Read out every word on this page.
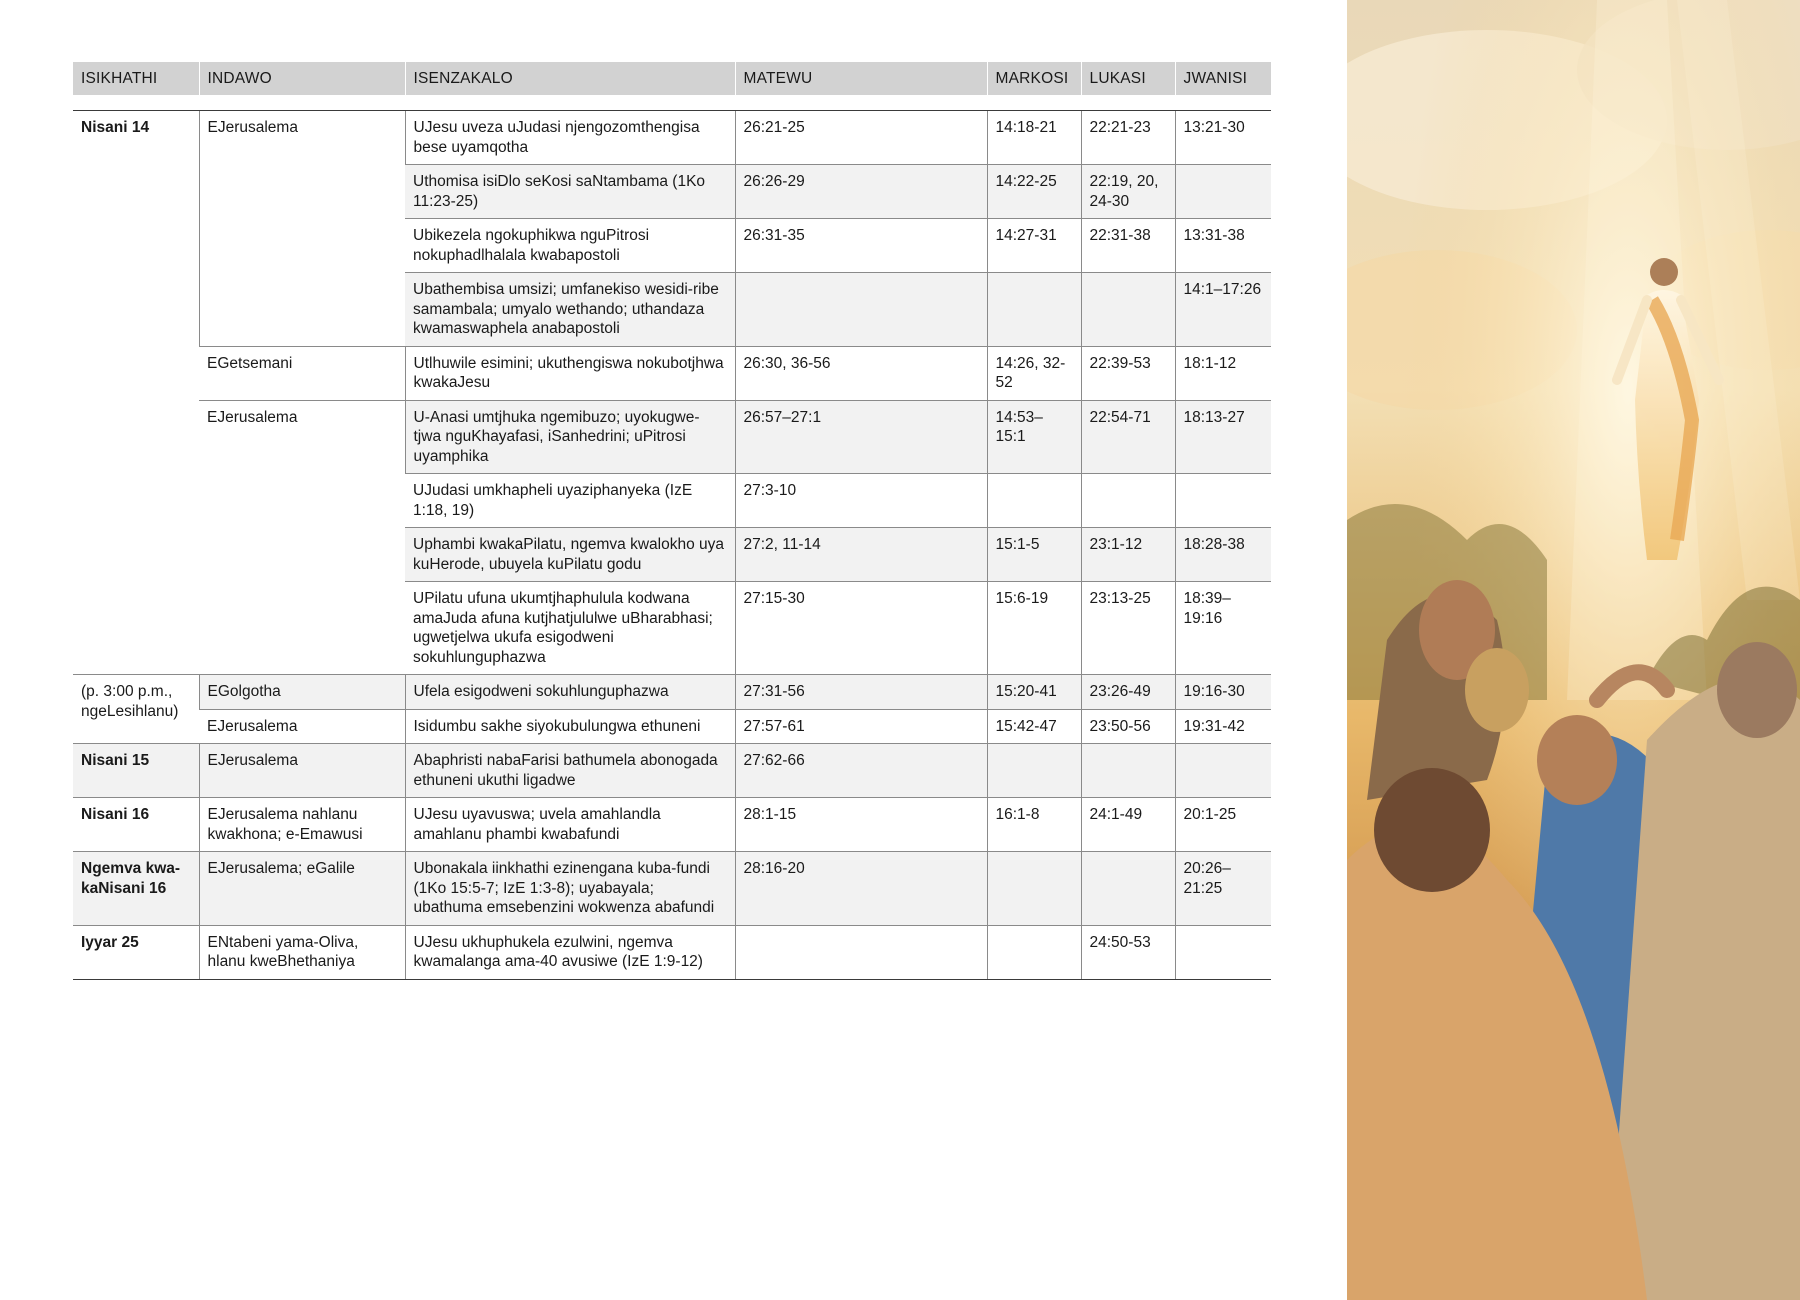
ISIKHATHI	INDAWO	ISENZAKALO	MATEWU		MARKOSI	LUKASI	JWANISI

Nisani 14	EJerusalema	UJesu uveza uJudasi njengozomthengisa bese uyamqotha	26:21-25		14:18-21	22:21-23	13:21-30
		Uthomisa isiDlo seKosi saNtambama (1Ko 11:23-25)	26:26-29		14:22-25	22:19, 20, 24-30	
		Ubikezela ngokuphikwa nguPitrosi nokuphadlhalala kwabapostoli	26:31-35		14:27-31	22:31-38	13:31-38
		Ubathembisa umsizi; umfanekiso wesidi-ribe samambala; umyalo wethando; uthandaza kwamaswaphela anabapostoli					14:1–17:26
	EGetsemani	Utlhuwile esimini; ukuthengiswa nokubotjhwa kwakaJesu	26:30, 36-56		14:26, 32-52	22:39-53	18:1-12
	EJerusalema	U-Anasi umtjhuka ngemibuzo; uyokugwe-tjwa nguKhayafasi, iSanhedrini; uPitrosi uyamphika	26:57–27:1		14:53–15:1	22:54-71	18:13-27
		UJudasi umkhapheli uyaziphanyeka (IzE 1:18, 19)	27:3-10				
		Uphambi kwakaPilatu, ngemva kwalokho uya kuHerode, ubuyela kuPilatu godu	27:2, 11-14		15:1-5	23:1-12	18:28-38
		UPilatu ufuna ukumtjhaphulula kodwana amaJuda afuna kutjhatjululwe uBharabhasi; ugwetjelwa ukufa esigodweni sokuhlunguphazwa	27:15-30		15:6-19	23:13-25	18:39–19:16
(p. 3:00 p.m., ngeLesihlanu)	EGolgotha	Ufela esigodweni sokuhlunguphazwa	27:31-56		15:20-41	23:26-49	19:16-30
	EJerusalema	Isidumbu sakhe siyokubulungwa ethuneni	27:57-61		15:42-47	23:50-56	19:31-42
Nisani 15	EJerusalema	Abaphristi nabaFarisi bathumela abonogada ethuneni ukuthi ligadwe	27:62-66				
Nisani 16	EJerusalema nahlanu kwakhona; e-Emawusi	UJesu uyavuswa; uvela amahlandla amahlanu phambi kwabafundi	28:1-15		16:1-8	24:1-49	20:1-25
Ngemva kwa-kaNisani 16	EJerusalema; eGalile	Ubonakala iinkhathi ezinengana kuba-fundi (1Ko 15:5-7; IzE 1:3-8); uyabayala; ubathuma emsebenzini wokwenza abafundi	28:16-20				20:26–21:25
Iyyar 25	ENtabeni yama-Oliva, hlanu kweBhethaniya	UJesu ukhuphukela ezulwini, ngemva kwamalanga ama-40 avusiwe (IzE 1:9-12)				24:50-53	
